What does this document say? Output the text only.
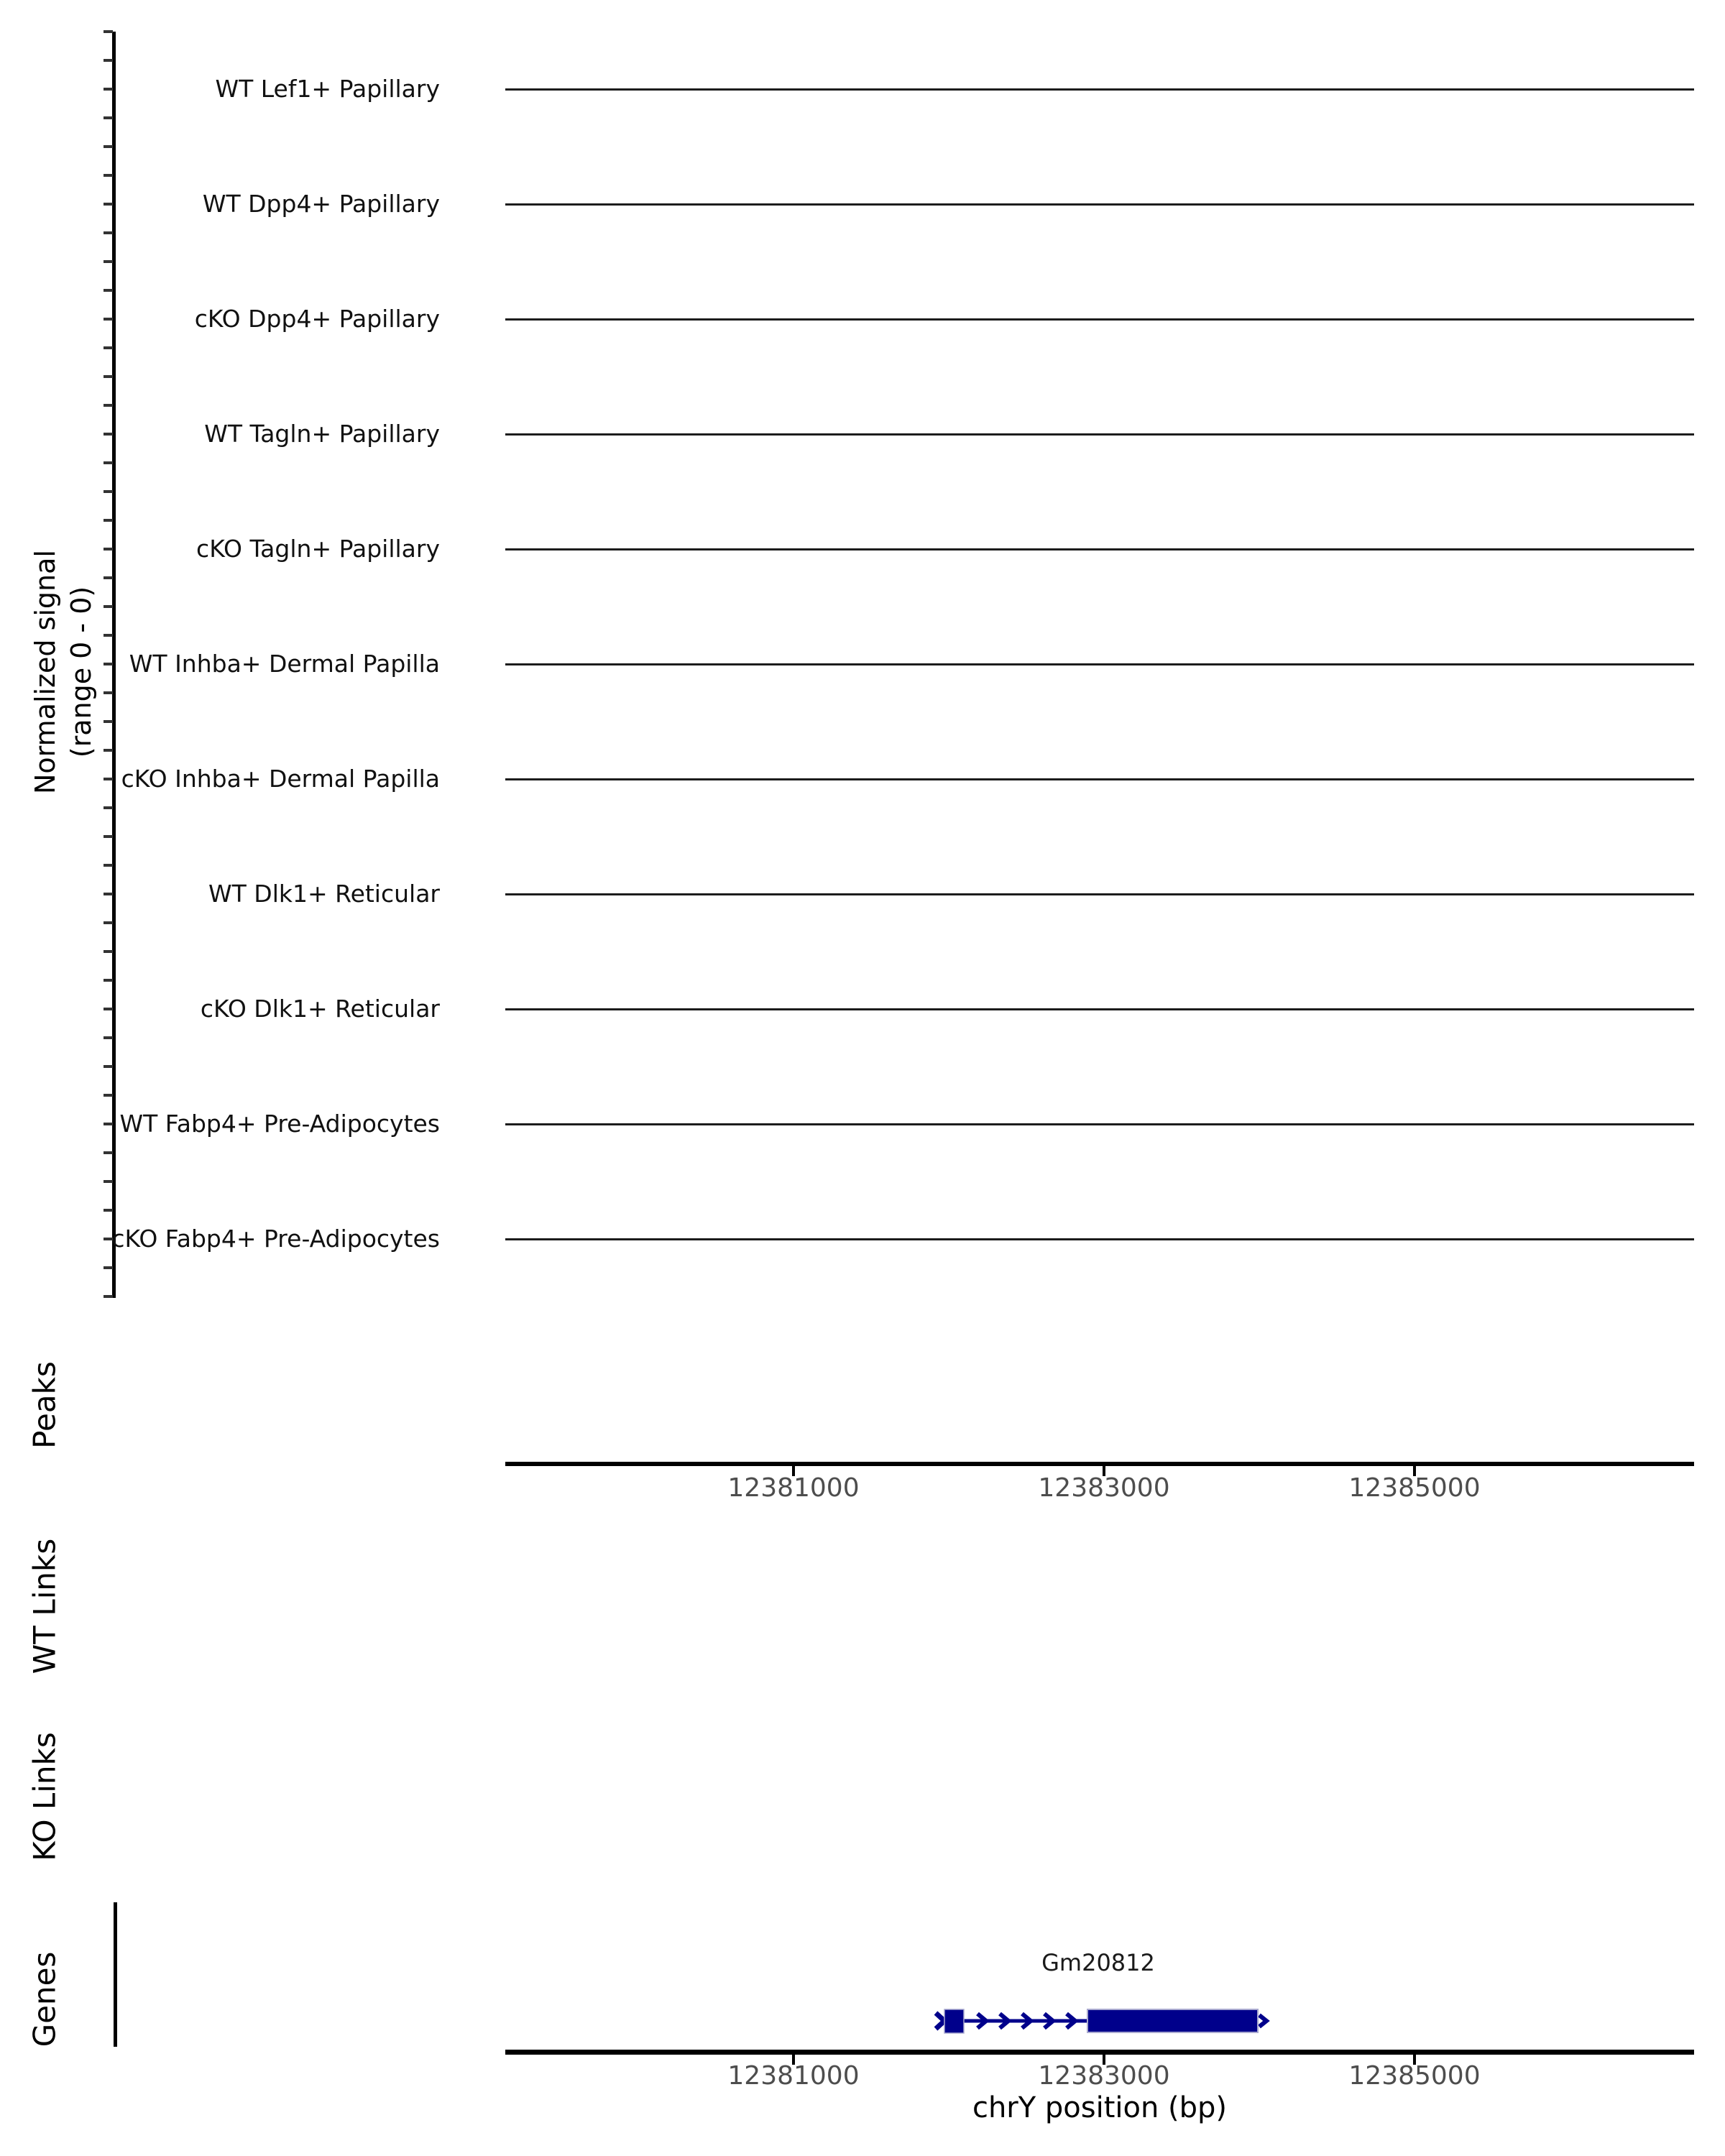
Normalized signal (range 0 - 0)
WT Lef1+ Papillary
WT Dpp4+ Papillary
cKO Dpp4+ Papillary
WT Tagln+ Papillary
cKO Tagln+ Papillary
WT Inhba+ Dermal Papilla
cKO Inhba+ Dermal Papilla
WT Dlk1+ Reticular
cKO Dlk1+ Reticular
WT Fabp4+ Pre-Adipocytes
cKO Fabp4+ Pre-Adipocytes
Peaks
WT Links
KO Links
Genes
12381000	12383000	12385000
Gm20812
12381000	12383000	12385000
chrY position (bp)
